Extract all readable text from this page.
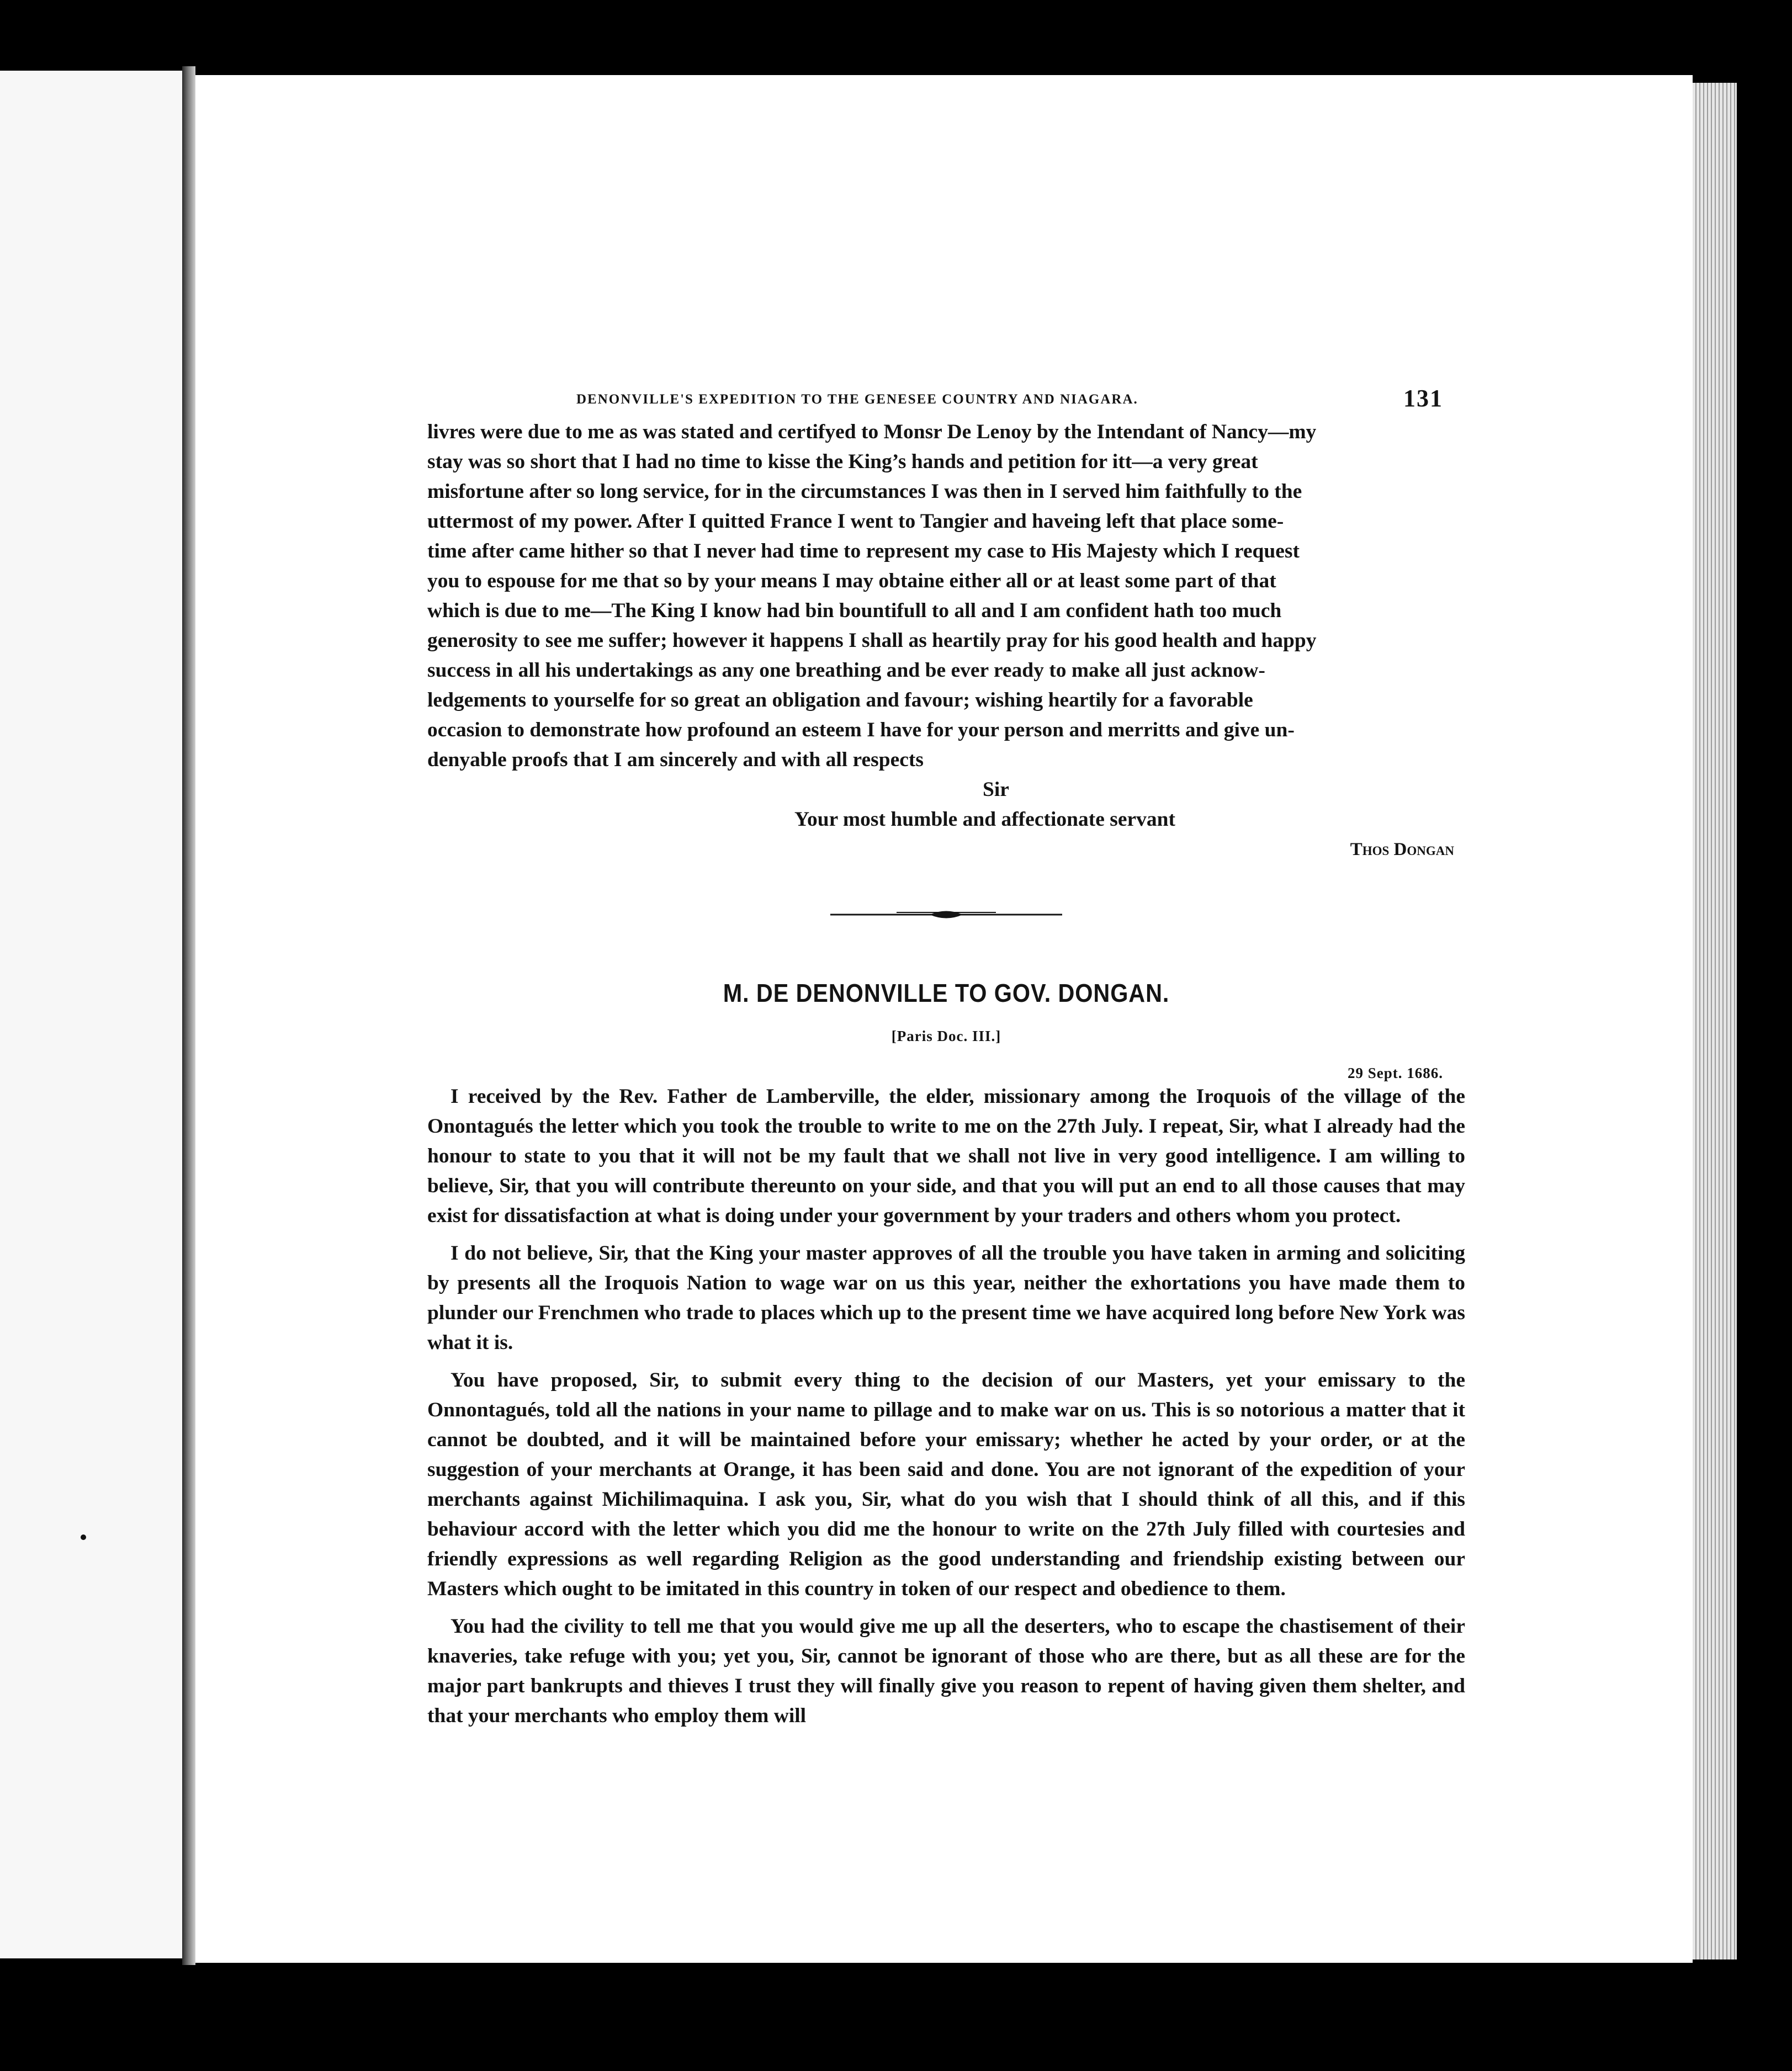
DENONVILLE'S EXPEDITION TO THE GENESEE COUNTRY AND NIAGARA.	131

livres were due to me as was stated and certifyed to Monsr De Lenoy by the Intendant of Nancy—my

stay was so short that I had no time to kisse the King’s hands and petition for itt—a very great

misfortune after so long service, for in the circumstances I was then in I served him faithfully to the

uttermost of my power. After I quitted France I went to Tangier and haveing left that place some-

time after came hither so that I never had time to represent my case to His Majesty which I request

you to espouse for me that so by your means I may obtaine either all or at least some part of that

which is due to me—The King I know had bin bountifull to all and I am confident hath too much

generosity to see me suffer; however it happens I shall as heartily pray for his good health and happy

success in all his undertakings as any one breathing and be ever ready to make all just acknow-

ledgements to yourselfe for so great an obligation and favour; wishing heartily for a favorable

occasion to demonstrate how profound an esteem I have for your person and merritts and give un-

denyable proofs that I am sincerely and with all respects

Sir
Your most humble and affectionate servant
Thos Dongan
M. DE DENONVILLE TO GOV. DONGAN.
[Paris Doc. III.]
29 Sept. 1686.

I received by the Rev. Father de Lamberville, the elder, missionary among the Iroquois of the village of the Onontagués the letter which you took the trouble to write to me on the 27th July. I repeat, Sir, what I already had the honour to state to you that it will not be my fault that we shall not live in very good intelligence. I am willing to believe, Sir, that you will contribute thereunto on your side, and that you will put an end to all those causes that may exist for dissatisfaction at what is doing under your government by your traders and others whom you protect.

I do not believe, Sir, that the King your master approves of all the trouble you have taken in arming and soliciting by presents all the Iroquois Nation to wage war on us this year, neither the exhortations you have made them to plunder our Frenchmen who trade to places which up to the present time we have acquired long before New York was what it is.

You have proposed, Sir, to submit every thing to the decision of our Masters, yet your emissary to the Onnontagués, told all the nations in your name to pillage and to make war on us. This is so notorious a matter that it cannot be doubted, and it will be maintained before your emissary; whether he acted by your order, or at the suggestion of your merchants at Orange, it has been said and done. You are not ignorant of the expedition of your merchants against Michilimaquina. I ask you, Sir, what do you wish that I should think of all this, and if this behaviour accord with the letter which you did me the honour to write on the 27th July filled with courtesies and friendly expressions as well regarding Religion as the good understanding and friendship existing between our Masters which ought to be imitated in this country in token of our respect and obedience to them.

You had the civility to tell me that you would give me up all the deserters, who to escape the chastisement of their knaveries, take refuge with you; yet you, Sir, cannot be ignorant of those who are there, but as all these are for the major part bankrupts and thieves I trust they will finally give you reason to repent of having given them shelter, and that your merchants who employ them will
